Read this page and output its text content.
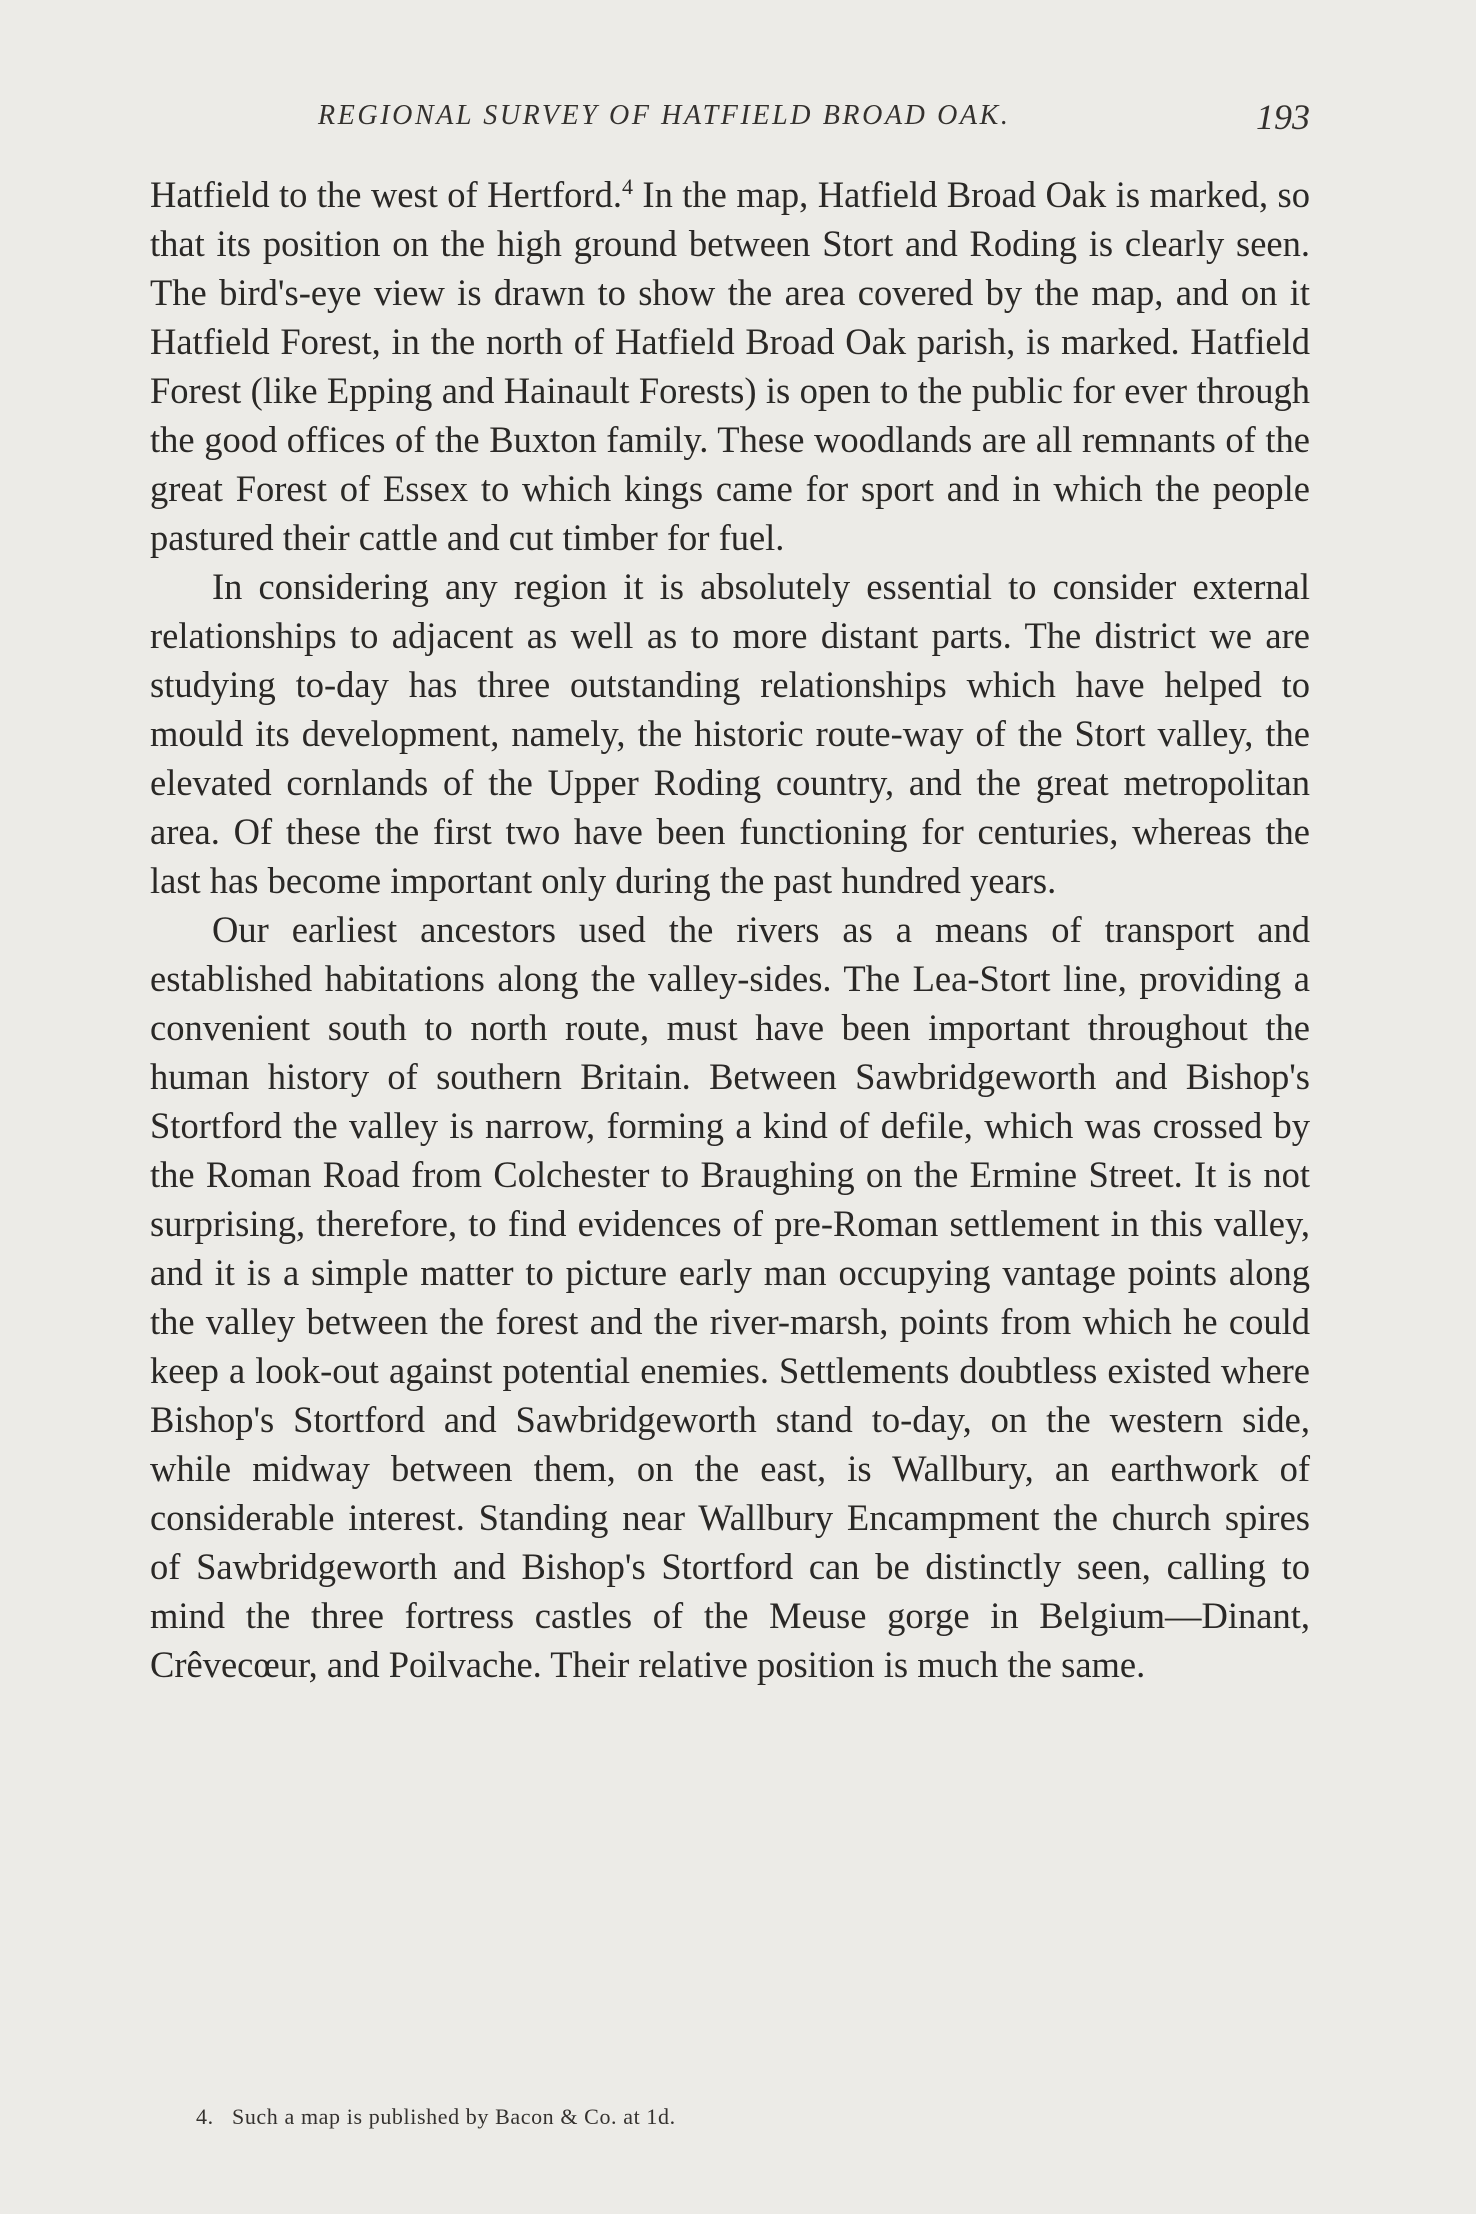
REGIONAL SURVEY OF HATFIELD BROAD OAK.	193

Hatfield to the west of Hertford.$^4$ In the map, Hatfield Broad Oak is marked, so that its position on the high ground between Stort and Roding is clearly seen. The bird's-eye view is drawn to show the area covered by the map, and on it Hatfield Forest, in the north of Hatfield Broad Oak parish, is marked. Hatfield Forest (like Epping and Hainault Forests) is open to the public for ever through the good offices of the Buxton family. These woodlands are all remnants of the great Forest of Essex to which kings came for sport and in which the people pastured their cattle and cut timber for fuel.

In considering any region it is absolutely essential to consider external relationships to adjacent as well as to more distant parts. The district we are studying to-day has three outstanding relationships which have helped to mould its development, namely, the historic route-way of the Stort valley, the elevated cornlands of the Upper Roding country, and the great metropolitan area. Of these the first two have been functioning for centuries, whereas the last has become important only during the past hundred years.

Our earliest ancestors used the rivers as a means of transport and established habitations along the valley-sides. The Lea-Stort line, providing a convenient south to north route, must have been important throughout the human history of southern Britain. Between Sawbridgeworth and Bishop's Stortford the valley is narrow, forming a kind of defile, which was crossed by the Roman Road from Colchester to Braughing on the Ermine Street. It is not surprising, therefore, to find evidences of pre-Roman settlement in this valley, and it is a simple matter to picture early man occupying vantage points along the valley between the forest and the river-marsh, points from which he could keep a look-out against potential enemies. Settlements doubtless existed where Bishop's Stortford and Sawbridgeworth stand to-day, on the western side, while midway between them, on the east, is Wallbury, an earthwork of considerable interest. Standing near Wallbury Encampment the church spires of Sawbridgeworth and Bishop's Stortford can be distinctly seen, calling to mind the three fortress castles of the Meuse gorge in Belgium—Dinant, Crêvecœur, and Poilvache. Their relative position is much the same.

4. Such a map is published by Bacon & Co. at 1d.
